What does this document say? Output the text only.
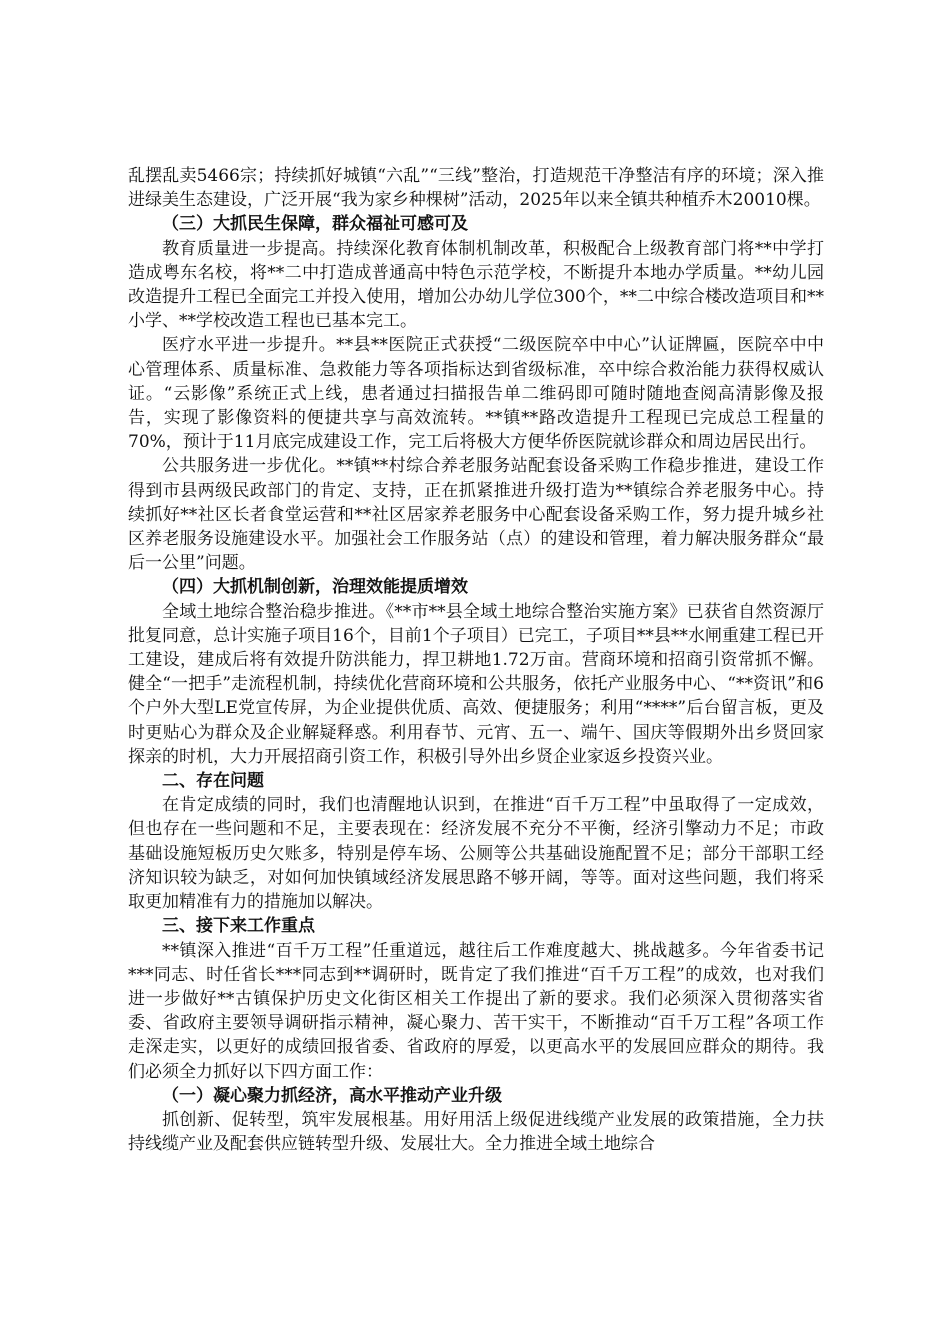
乱摆乱卖5466宗；持续抓好城镇“六乱”“三线”整治，打造规范干净整洁有序的环境；深入推进绿美生态建设，广泛开展“我为家乡种棵树”活动，2025年以来全镇共种植乔木20010棵。

（三）大抓民生保障，群众福祉可感可及

教育质量进一步提高。持续深化教育体制机制改革，积极配合上级教育部门将**中学打造成粤东名校，将**二中打造成普通高中特色示范学校，不断提升本地办学质量。**幼儿园改造提升工程已全面完工并投入使用，增加公办幼儿学位300个，**二中综合楼改造项目和**小学、**学校改造工程也已基本完工。

医疗水平进一步提升。**县**医院正式获授“二级医院卒中中心”认证牌匾，医院卒中中心管理体系、质量标准、急救能力等各项指标达到省级标准，卒中综合救治能力获得权威认证。“云影像”系统正式上线，患者通过扫描报告单二维码即可随时随地查阅高清影像及报告，实现了影像资料的便捷共享与高效流转。**镇**路改造提升工程现已完成总工程量的70%，预计于11月底完成建设工作，完工后将极大方便华侨医院就诊群众和周边居民出行。

公共服务进一步优化。**镇**村综合养老服务站配套设备采购工作稳步推进，建设工作得到市县两级民政部门的肯定、支持，正在抓紧推进升级打造为**镇综合养老服务中心。持续抓好**社区长者食堂运营和**社区居家养老服务中心配套设备采购工作，努力提升城乡社区养老服务设施建设水平。加强社会工作服务站（点）的建设和管理，着力解决服务群众“最后一公里”问题。

（四）大抓机制创新，治理效能提质增效

全域土地综合整治稳步推进。《**市**县全域土地综合整治实施方案》已获省自然资源厅批复同意，总计实施子项目16个，目前1个子项目）已完工，子项目**县**水闸重建工程已开工建设，建成后将有效提升防洪能力，捍卫耕地1.72万亩。营商环境和招商引资常抓不懈。健全“一把手”走流程机制，持续优化营商环境和公共服务，依托产业服务中心、“**资讯”和6个户外大型LE党宣传屏，为企业提供优质、高效、便捷服务；利用“****”后台留言板，更及时更贴心为群众及企业解疑释惑。利用春节、元宵、五一、端午、国庆等假期外出乡贤回家探亲的时机，大力开展招商引资工作，积极引导外出乡贤企业家返乡投资兴业。

二、存在问题

在肯定成绩的同时，我们也清醒地认识到，在推进“百千万工程”中虽取得了一定成效，但也存在一些问题和不足，主要表现在：经济发展不充分不平衡，经济引擎动力不足；市政基础设施短板历史欠账多，特别是停车场、公厕等公共基础设施配置不足；部分干部职工经济知识较为缺乏，对如何加快镇域经济发展思路不够开阔，等等。面对这些问题，我们将采取更加精准有力的措施加以解决。

三、接下来工作重点

**镇深入推进“百千万工程”任重道远，越往后工作难度越大、挑战越多。今年省委书记***同志、时任省长***同志到**调研时，既肯定了我们推进“百千万工程”的成效，也对我们进一步做好**古镇保护历史文化街区相关工作提出了新的要求。我们必须深入贯彻落实省委、省政府主要领导调研指示精神，凝心聚力、苦干实干，不断推动“百千万工程”各项工作走深走实，以更好的成绩回报省委、省政府的厚爱，以更高水平的发展回应群众的期待。我们必须全力抓好以下四方面工作：

（一）凝心聚力抓经济，高水平推动产业升级

抓创新、促转型，筑牢发展根基。用好用活上级促进线缆产业发展的政策措施，全力扶持线缆产业及配套供应链转型升级、发展壮大。全力推进全域土地综合
